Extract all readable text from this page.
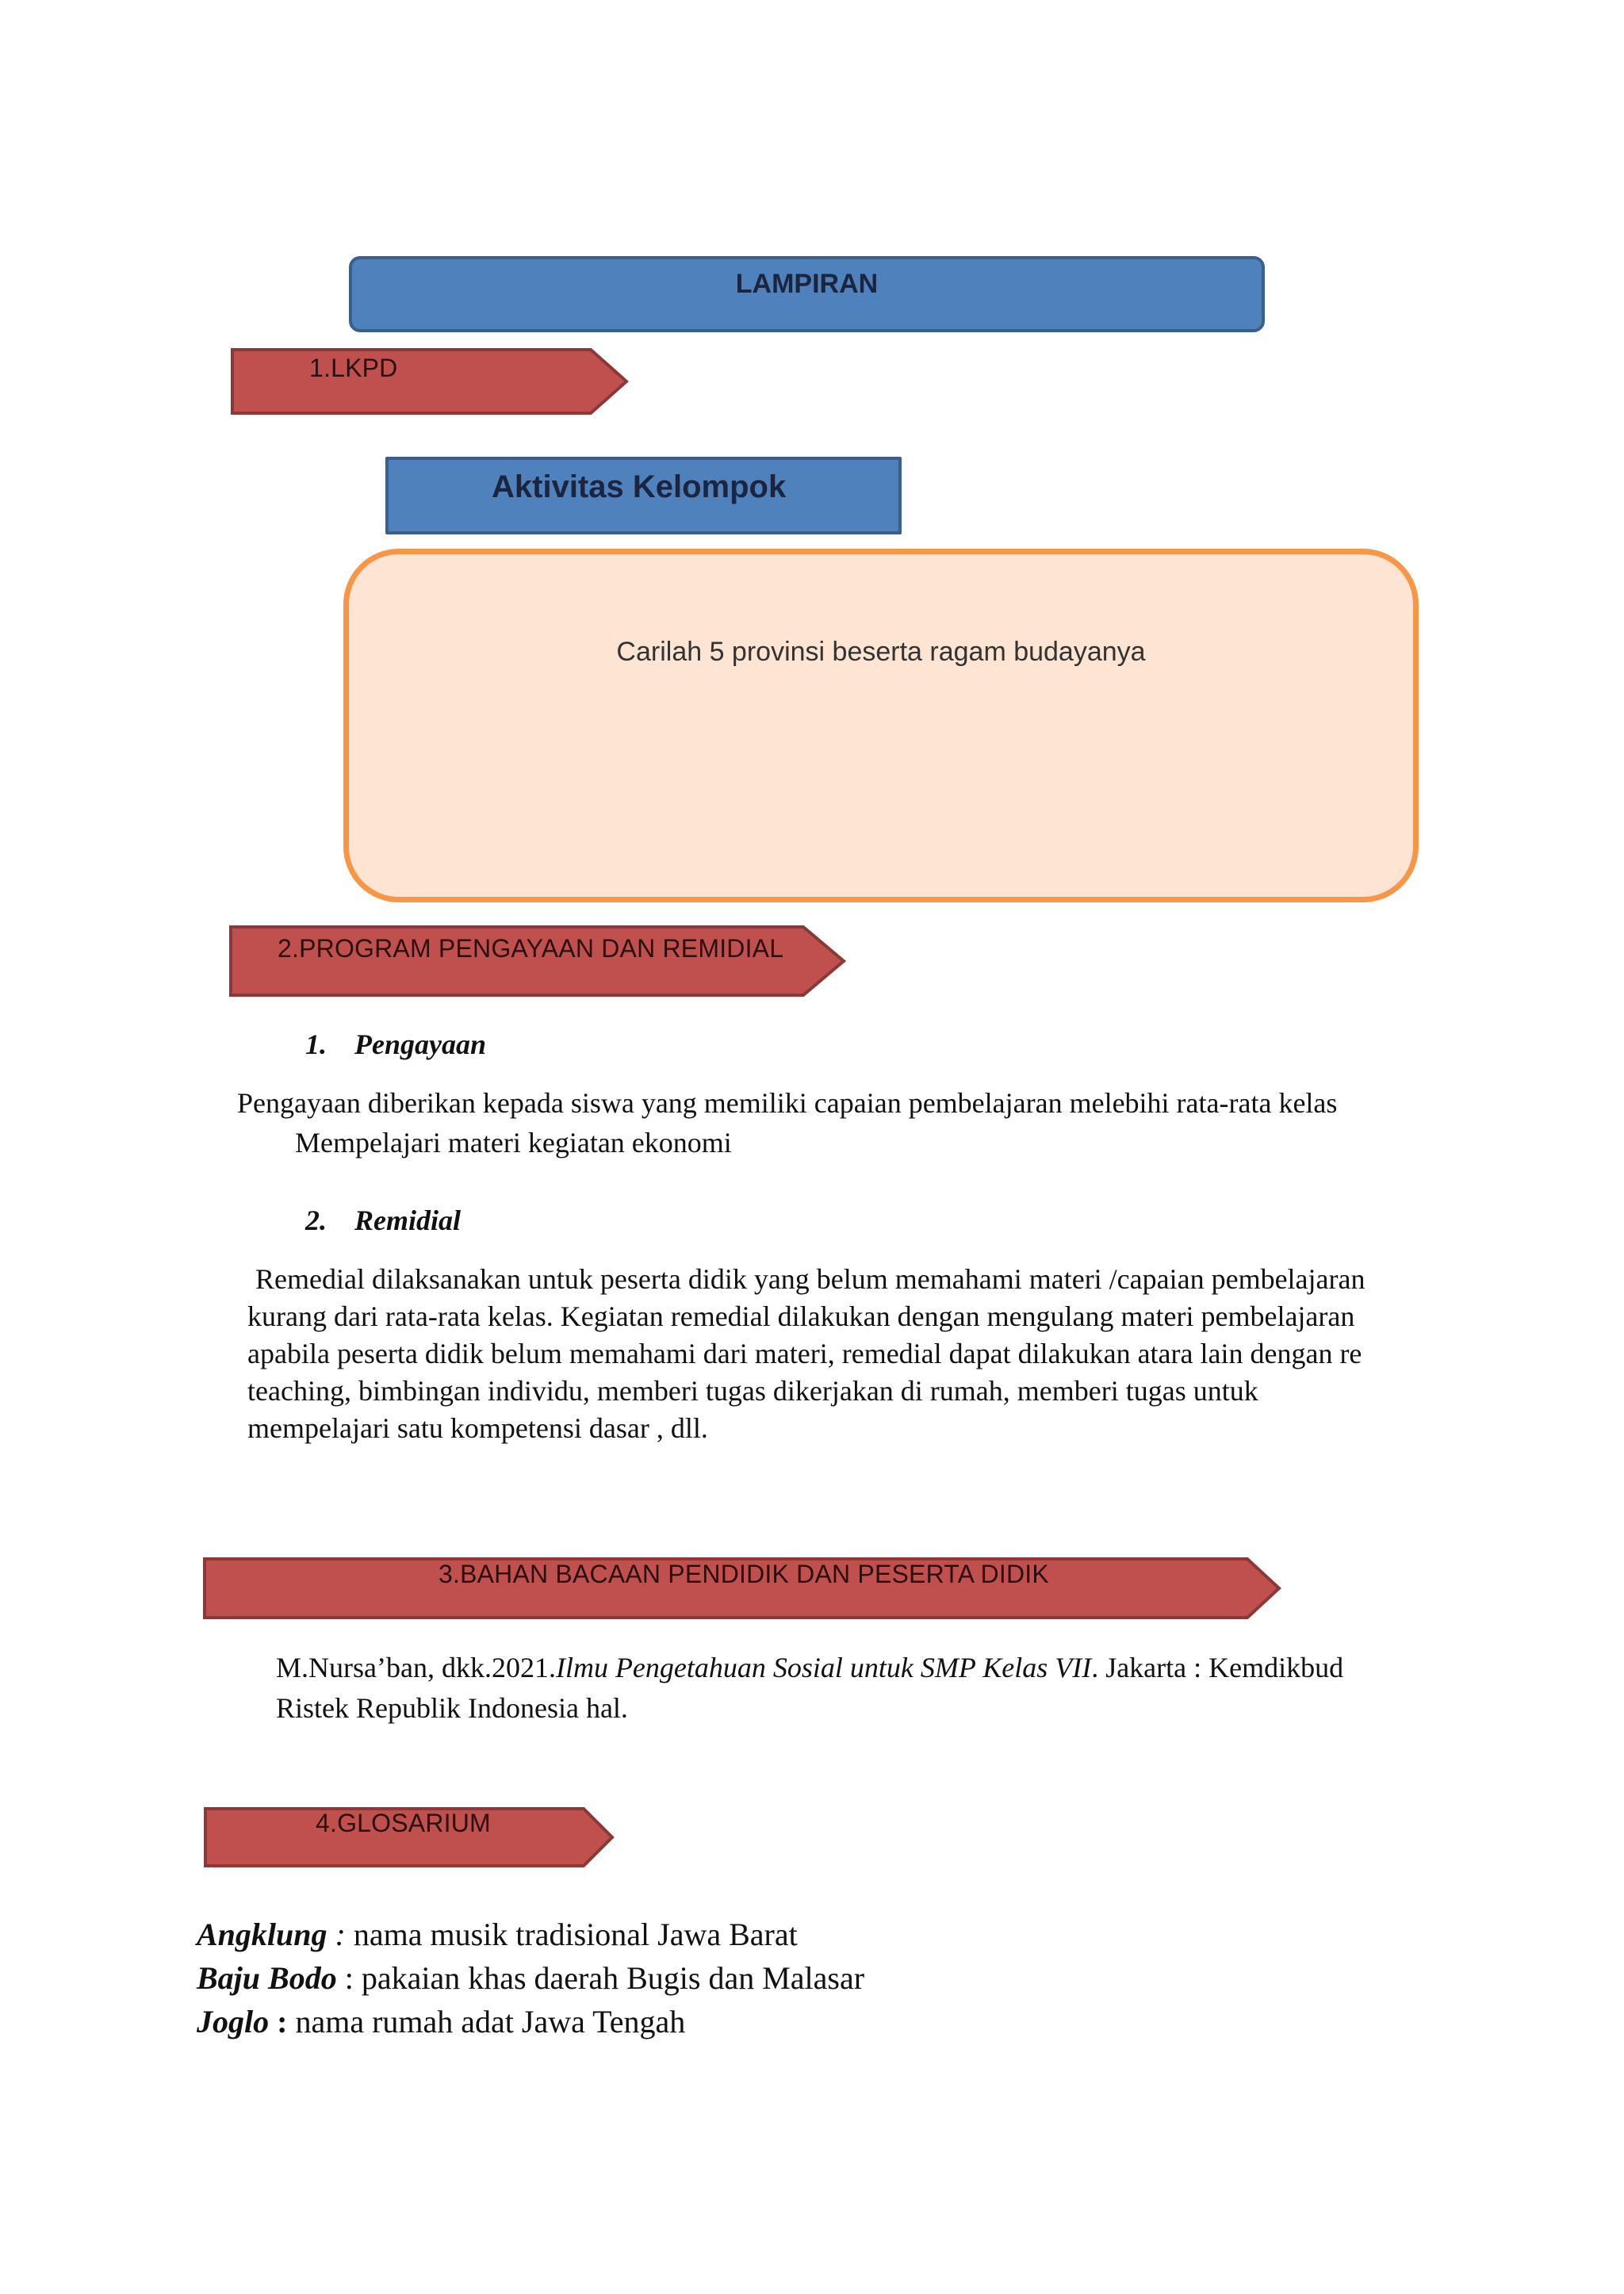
LAMPIRAN
1.LKPD
Aktivitas Kelompok
Carilah 5 provinsi beserta ragam budayanya
2.PROGRAM PENGAYAAN DAN REMIDIAL
1. Pengayaan
Pengayaan diberikan kepada siswa yang memiliki capaian pembelajaran melebihi rata-rata kelas
Mempelajari materi kegiatan ekonomi
2. Remidial
Remedial dilaksanakan untuk peserta didik yang belum memahami materi /capaian pembelajaran
kurang dari rata-rata kelas. Kegiatan remedial dilakukan dengan mengulang materi pembelajaran
apabila peserta didik belum memahami dari materi, remedial dapat dilakukan atara lain dengan re
teaching, bimbingan individu, memberi tugas dikerjakan di rumah, memberi tugas untuk
mempelajari satu kompetensi dasar , dll.
3.BAHAN BACAAN PENDIDIK DAN PESERTA DIDIK
M.Nursa’ban, dkk.2021.Ilmu Pengetahuan Sosial untuk SMP Kelas VII. Jakarta : Kemdikbud
Ristek Republik Indonesia hal.
4.GLOSARIUM
Angklung : nama musik tradisional Jawa Barat
Baju Bodo : pakaian khas daerah Bugis dan Malasar
Joglo : nama rumah adat Jawa Tengah
